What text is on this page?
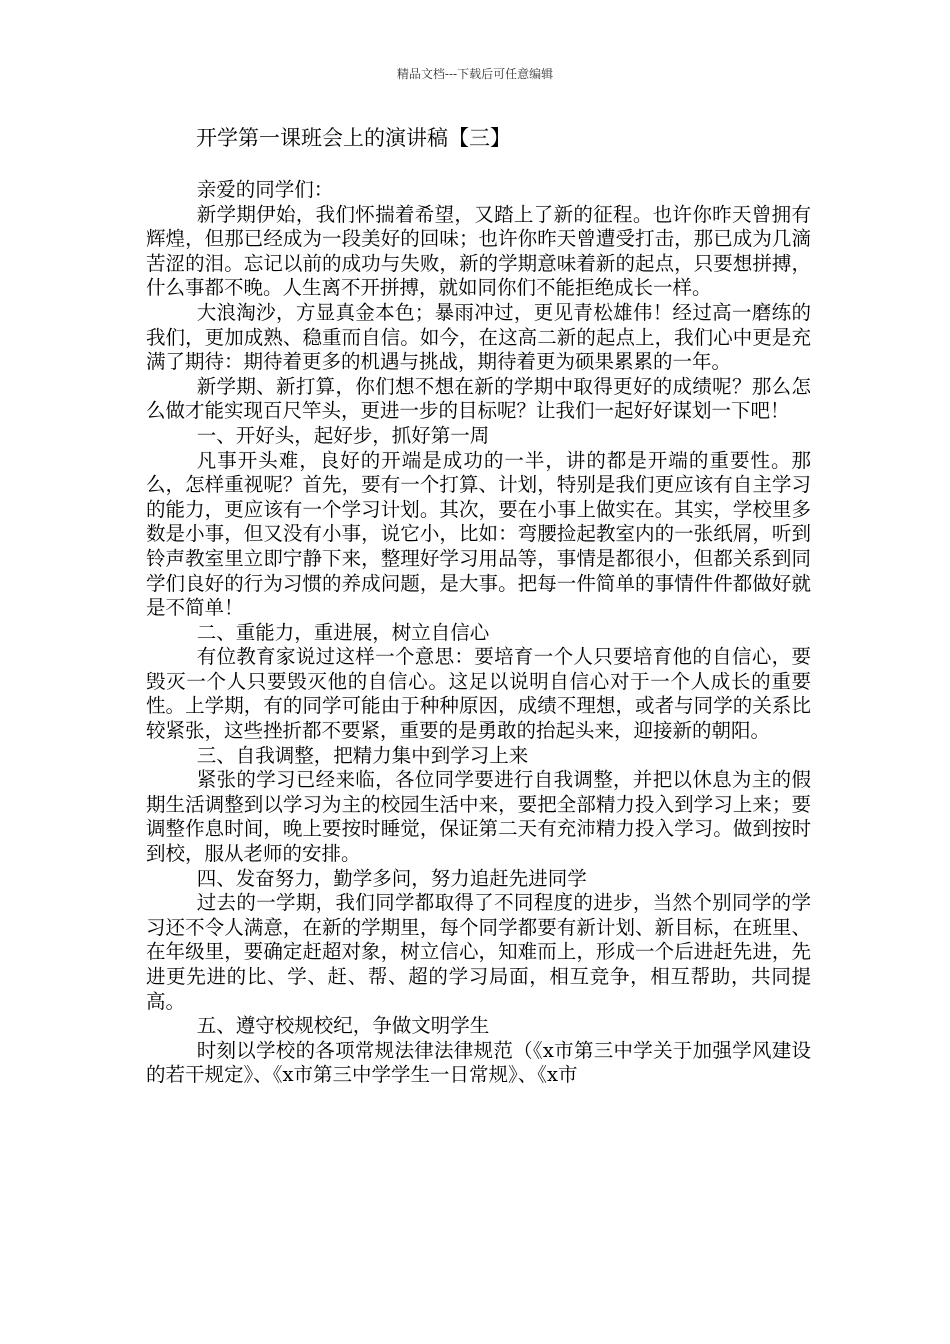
精品文档---下载后可任意编辑
开学第一课班会上的演讲稿【三】

亲爱的同学们：

新学期伊始，我们怀揣着希望，又踏上了新的征程。也许你昨天曾拥有辉煌，但那已经成为一段美好的回味；也许你昨天曾遭受打击，那已成为几滴苦涩的泪。忘记以前的成功与失败，新的学期意味着新的起点，只要想拼搏，什么事都不晚。人生离不开拼搏，就如同你们不能拒绝成长一样。

大浪淘沙，方显真金本色；暴雨冲过，更见青松雄伟！经过高一磨练的我们，更加成熟、稳重而自信。如今，在这高二新的起点上，我们心中更是充满了期待：期待着更多的机遇与挑战，期待着更为硕果累累的一年。

新学期、新打算，你们想不想在新的学期中取得更好的成绩呢？那么怎么做才能实现百尺竿头，更进一步的目标呢？让我们一起好好谋划一下吧！

一、开好头，起好步，抓好第一周

凡事开头难，良好的开端是成功的一半，讲的都是开端的重要性。那么，怎样重视呢？首先，要有一个打算、计划，特别是我们更应该有自主学习的能力，更应该有一个学习计划。其次，要在小事上做实在。其实，学校里多数是小事，但又没有小事，说它小，比如：弯腰捡起教室内的一张纸屑，听到铃声教室里立即宁静下来，整理好学习用品等，事情是都很小，但都关系到同学们良好的行为习惯的养成问题，是大事。把每一件简单的事情件件都做好就是不简单！

二、重能力，重进展，树立自信心

有位教育家说过这样一个意思：要培育一个人只要培育他的自信心，要毁灭一个人只要毁灭他的自信心。这足以说明自信心对于一个人成长的重要性。上学期，有的同学可能由于种种原因，成绩不理想，或者与同学的关系比较紧张，这些挫折都不要紧，重要的是勇敢的抬起头来，迎接新的朝阳。

三、自我调整，把精力集中到学习上来

紧张的学习已经来临，各位同学要进行自我调整，并把以休息为主的假期生活调整到以学习为主的校园生活中来，要把全部精力投入到学习上来；要调整作息时间，晚上要按时睡觉，保证第二天有充沛精力投入学习。做到按时到校，服从老师的安排。

四、发奋努力，勤学多问，努力追赶先进同学

过去的一学期，我们同学都取得了不同程度的进步，当然个别同学的学习还不令人满意，在新的学期里，每个同学都要有新计划、新目标，在班里、在年级里，要确定赶超对象，树立信心，知难而上，形成一个后进赶先进，先进更先进的比、学、赶、帮、超的学习局面，相互竞争，相互帮助，共同提高。

五、遵守校规校纪，争做文明学生

时刻以学校的各项常规法律法律规范（《x市第三中学关于加强学风建设的若干规定》、《x市第三中学学生一日常规》、《x市
